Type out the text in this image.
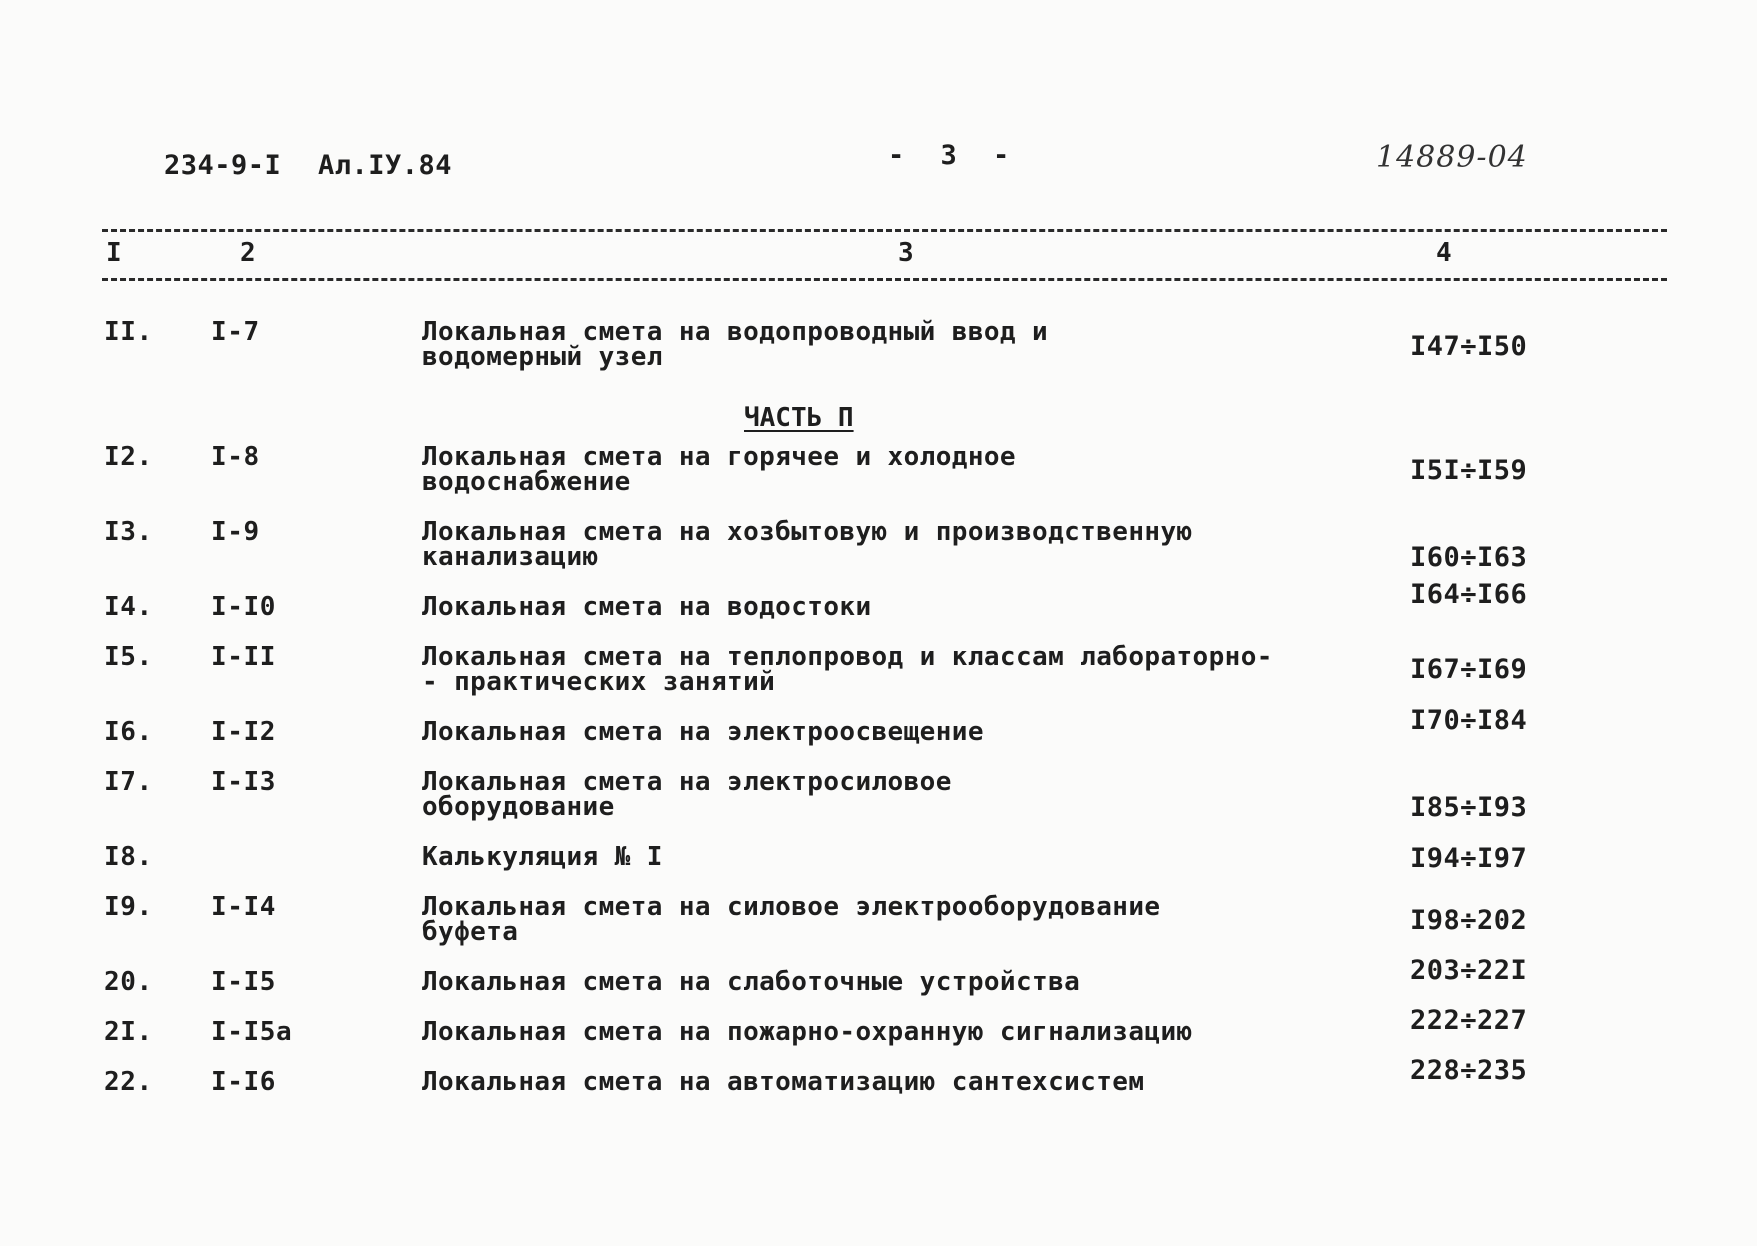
234-9-I Ал.IУ.84	- 3 -	14889-04
I	2	3	4
II. I-7	Локальная смета на водопроводный ввод и
водомерный узел	I47÷I50
ЧАСТЬ П
I2. I-8	Локальная смета на горячее и холодное
водоснабжение	I5I÷I59
I3. I-9	Локальная смета на хозбытовую и производственную
канализацию	I60÷I63
I4. I-I0	Локальная смета на водостоки	I64÷I66
I5. I-II	Локальная смета на теплопровод и классам лабораторно-
- практических занятий	I67÷I69
I6. I-I2	Локальная смета на электроосвещение	I70÷I84
I7. I-I3	Локальная смета на электросиловое
оборудование	I85÷I93
I8.	Калькуляция № I	I94÷I97
I9. I-I4	Локальная смета на силовое электрооборудование
буфета	I98÷202
20. I-I5	Локальная смета на слаботочные устройства	203÷22I
2I. I-I5а	Локальная смета на пожарно-охранную сигнализацию	222÷227
22. I-I6	Локальная смета на автоматизацию сантехсистем	228÷235
